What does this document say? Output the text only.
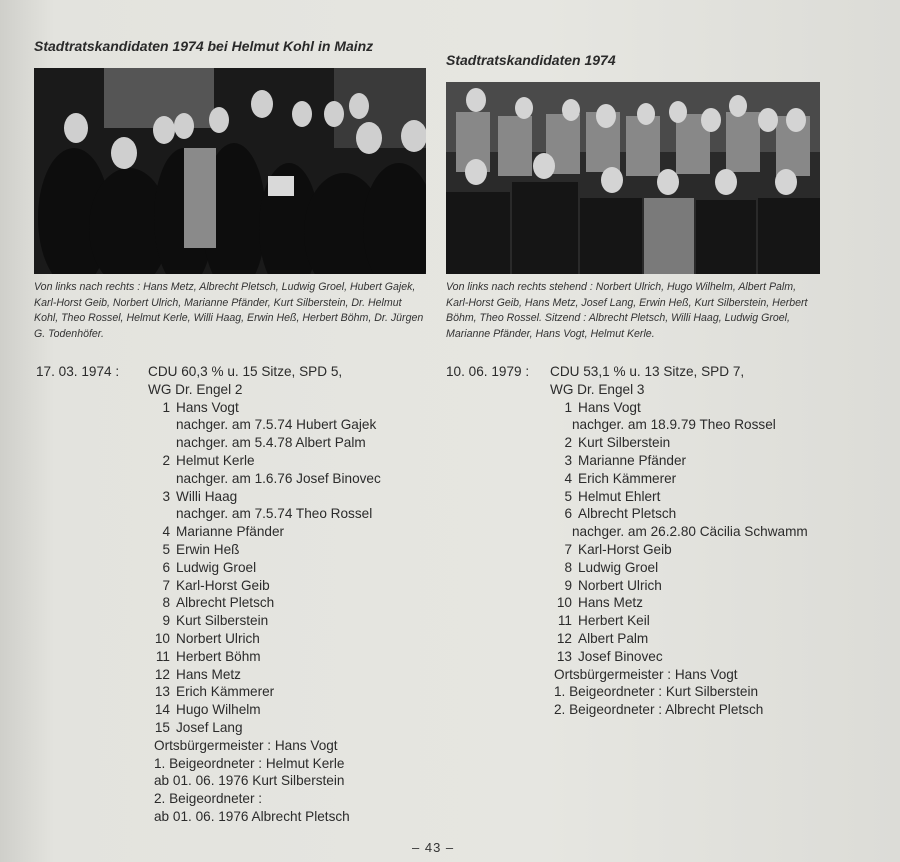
Stadtratskandidaten 1974 bei Helmut Kohl in Mainz
Von links nach rechts : Hans Metz, Albrecht Pletsch, Ludwig Groel, Hubert Gajek, Karl-Horst Geib, Norbert Ulrich, Marianne Pfänder, Kurt Silberstein, Dr. Helmut Kohl, Theo Rossel, Helmut Kerle, Willi Haag, Erwin Heß, Herbert Böhm, Dr. Jürgen G. Todenhöfer.
Stadtratskandidaten 1974
Von links nach rechts stehend : Norbert Ulrich, Hugo Wilhelm, Albert Palm, Karl-Horst Geib, Hans Metz, Josef Lang, Erwin Heß, Kurt Silberstein, Herbert Böhm, Theo Rossel. Sitzend : Albrecht Pletsch, Willi Haag, Ludwig Groel, Marianne Pfänder, Hans Vogt, Helmut Kerle.
17. 03. 1974 :	CDU 60,3 % u. 15 Sitze, SPD 5,
WG Dr. Engel 2
1 Hans Vogt
nachger. am 7.5.74 Hubert Gajek
nachger. am 5.4.78 Albert Palm
2 Helmut Kerle
nachger. am 1.6.76 Josef Binovec
3 Willi Haag
nachger. am 7.5.74 Theo Rossel
4 Marianne Pfänder
5 Erwin Heß
6 Ludwig Groel
7 Karl-Horst Geib
8 Albrecht Pletsch
9 Kurt Silberstein
10 Norbert Ulrich
11 Herbert Böhm
12 Hans Metz
13 Erich Kämmerer
14 Hugo Wilhelm
15 Josef Lang
Ortsbürgermeister : Hans Vogt
1. Beigeordneter : Helmut Kerle
ab 01. 06. 1976 Kurt Silberstein
2. Beigeordneter :
ab 01. 06. 1976 Albrecht Pletsch
10. 06. 1979 :	CDU 53,1 % u. 13 Sitze, SPD 7,
WG Dr. Engel 3
1 Hans Vogt
nachger. am 18.9.79 Theo Rossel
2 Kurt Silberstein
3 Marianne Pfänder
4 Erich Kämmerer
5 Helmut Ehlert
6 Albrecht Pletsch
nachger. am 26.2.80 Cäcilia Schwamm
7 Karl-Horst Geib
8 Ludwig Groel
9 Norbert Ulrich
10 Hans Metz
11 Herbert Keil
12 Albert Palm
13 Josef Binovec
Ortsbürgermeister : Hans Vogt
1. Beigeordneter : Kurt Silberstein
2. Beigeordneter : Albrecht Pletsch
– 43 –
